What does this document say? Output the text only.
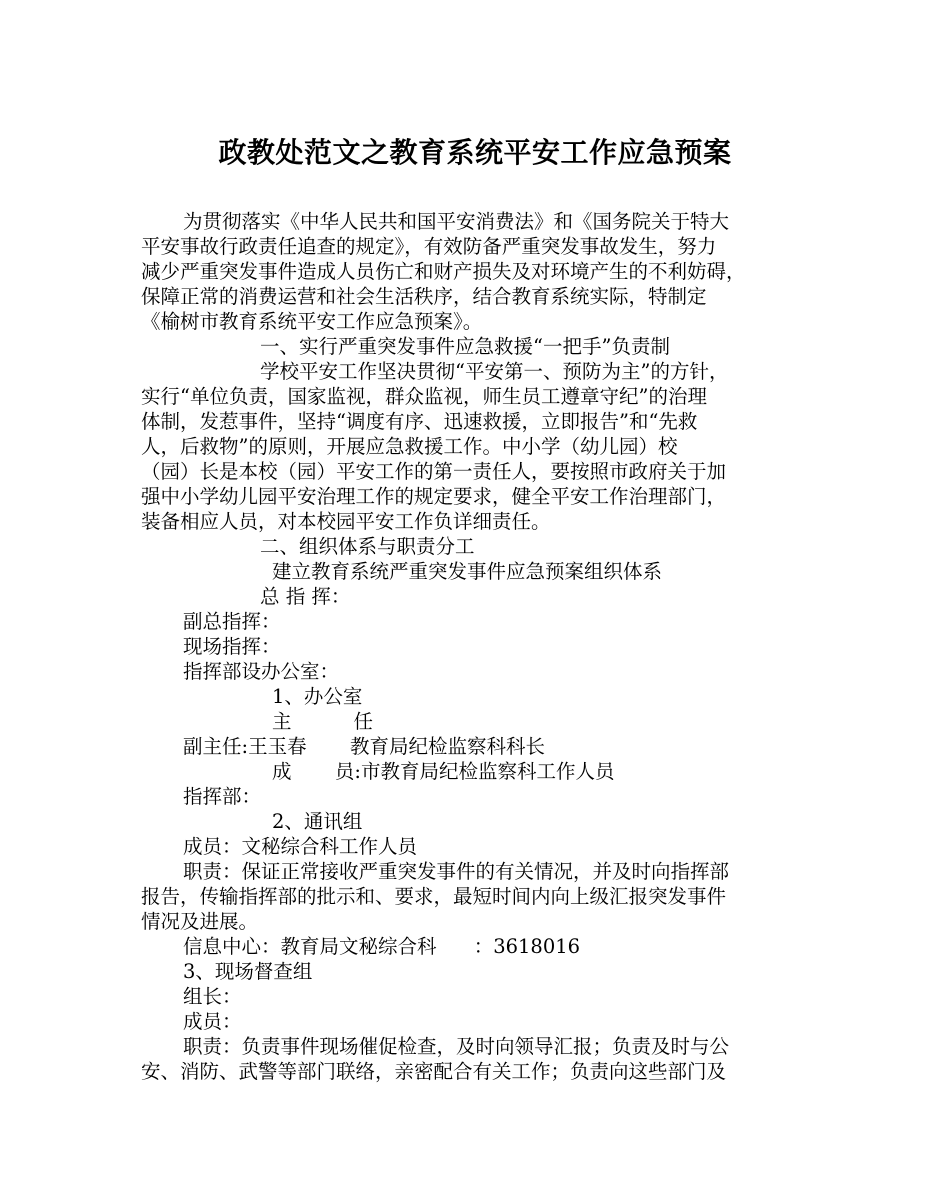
政教处范文之教育系统平安工作应急预案
为贯彻落实《中华人民共和国平安消费法》和《国务院关于特大
平安事故行政责任追查的规定》，有效防备严重突发事故发生，努力
减少严重突发事件造成人员伤亡和财产损失及对环境产生的不利妨碍，
保障正常的消费运营和社会生活秩序，结合教育系统实际，特制定
《榆树市教育系统平安工作应急预案》。
一、实行严重突发事件应急救援“一把手”负责制
学校平安工作坚决贯彻“平安第一、预防为主”的方针，
实行“单位负责，国家监视，群众监视，师生员工遵章守纪”的治理
体制，发惹事件，坚持“调度有序、迅速救援，立即报告”和“先救
人，后救物”的原则，开展应急救援工作。中小学（幼儿园）校
（园）长是本校（园）平安工作的第一责任人，要按照市政府关于加
强中小学幼儿园平安治理工作的规定要求，健全平安工作治理部门，
装备相应人员，对本校园平安工作负详细责任。
二、组织体系与职责分工
建立教育系统严重突发事件应急预案组织体系
总 指 挥：
副总指挥：
现场指挥：
指挥部设办公室：
1、办公室
主          任
副主任:王玉春       教育局纪检监察科科长
成       员:市教育局纪检监察科工作人员
指挥部：
2、通讯组
成员：文秘综合科工作人员
职责：保证正常接收严重突发事件的有关情况，并及时向指挥部
报告，传输指挥部的批示和、要求，最短时间内向上级汇报突发事件
情况及进展。
信息中心：教育局文秘综合科      ：3618016
3、现场督查组
组长：
成员：
职责：负责事件现场催促检查，及时向领导汇报；负责及时与公
安、消防、武警等部门联络，亲密配合有关工作；负责向这些部门及
